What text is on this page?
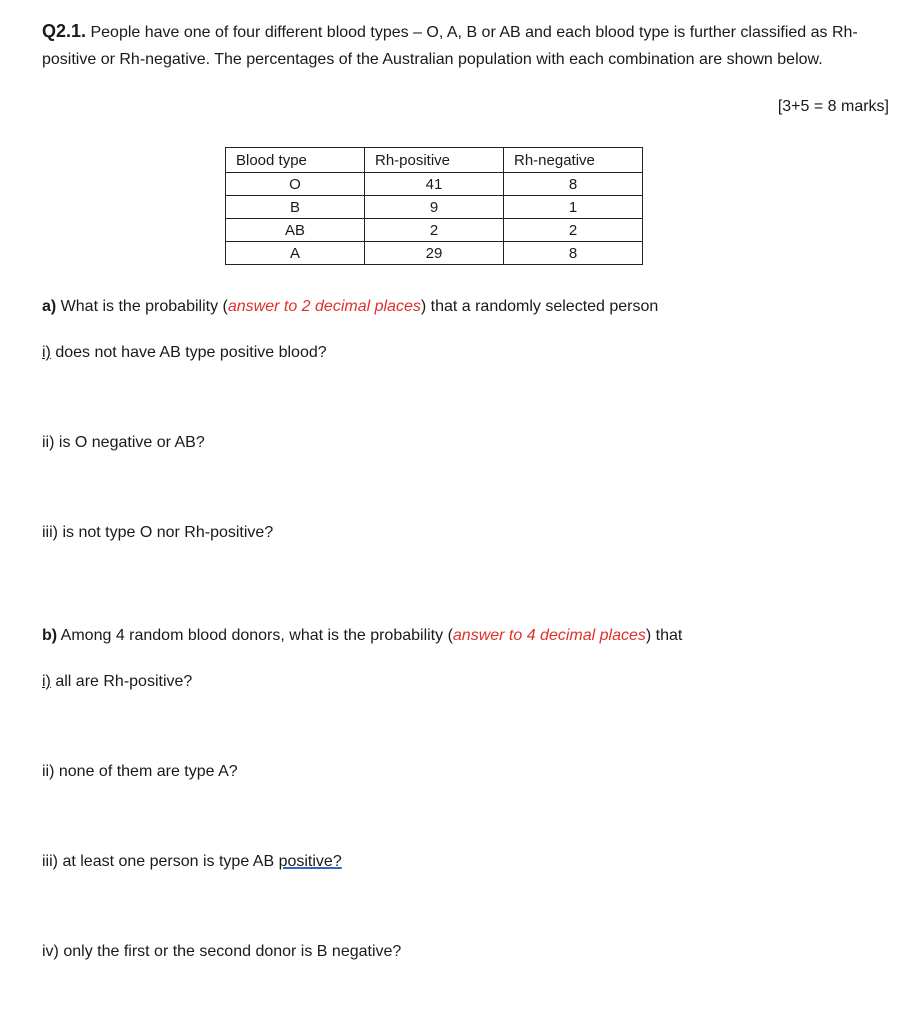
Q2.1. People have one of four different blood types – O, A, B or AB and each blood type is further classified as Rh-positive or Rh-negative. The percentages of the Australian population with each combination are shown below.
[3+5 = 8 marks]
Blood type	Rh-positive	Rh-negative
O	41	8
B	9	1
AB	2	2
A	29	8
a) What is the probability (answer to 2 decimal places) that a randomly selected person
i) does not have AB type positive blood?
ii) is O negative or AB?
iii) is not type O nor Rh-positive?
b) Among 4 random blood donors, what is the probability (answer to 4 decimal places) that
i) all are Rh-positive?
ii) none of them are type A?
iii) at least one person is type AB positive?
iv) only the first or the second donor is B negative?
